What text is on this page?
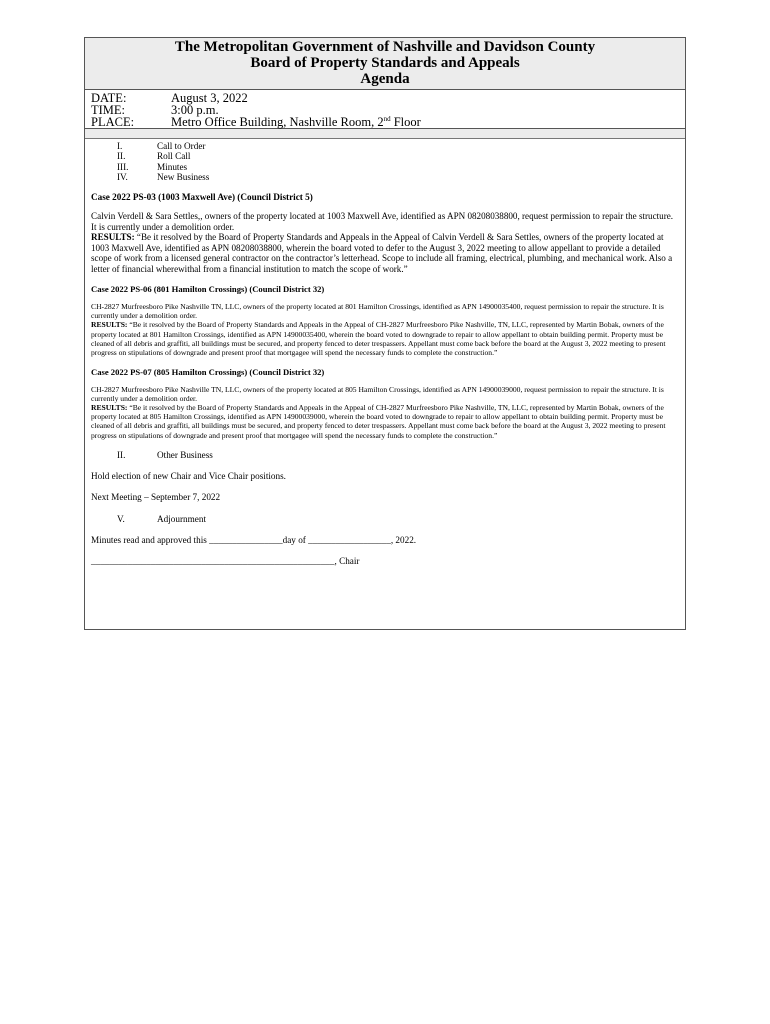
The Metropolitan Government of Nashville and Davidson County
Board of Property Standards and Appeals
Agenda
DATE:	August 3, 2022
TIME:	3:00 p.m.
PLACE:	Metro Office Building, Nashville Room, 2nd Floor
I.	Call to Order
II.	Roll Call
III.	Minutes
IV.	New Business
Case 2022 PS-03 (1003 Maxwell Ave) (Council District 5)
Calvin Verdell & Sara Settles,, owners of the property located at 1003 Maxwell Ave, identified as APN 08208038800, request permission to repair the structure. It is currently under a demolition order.
RESULTS: “Be it resolved by the Board of Property Standards and Appeals in the Appeal of Calvin Verdell & Sara Settles, owners of the property located at 1003 Maxwell Ave, identified as APN 08208038800, wherein the board voted to defer to the August 3, 2022 meeting to allow appellant to provide a detailed scope of work from a licensed general contractor on the contractor’s letterhead. Scope to include all framing, electrical, plumbing, and mechanical work. Also a letter of financial wherewithal from a financial institution to match the scope of work.”
Case 2022 PS-06 (801 Hamilton Crossings) (Council District 32)
CH-2827 Murfreesboro Pike Nashville TN, LLC, owners of the property located at 801 Hamilton Crossings, identified as APN 14900035400, request permission to repair the structure. It is currently under a demolition order.
RESULTS: “Be it resolved by the Board of Property Standards and Appeals in the Appeal of CH-2827 Murfreesboro Pike Nashville, TN, LLC, represented by Martin Bobak, owners of the property located at 801 Hamilton Crossings, identified as APN 14900035400, wherein the board voted to downgrade to repair to allow appellant to obtain building permit. Property must be cleaned of all debris and graffiti, all buildings must be secured, and property fenced to deter trespassers. Appellant must come back before the board at the August 3, 2022 meeting to present progress on stipulations of downgrade and present proof that mortgagee will spend the necessary funds to complete the construction.”
Case 2022 PS-07 (805 Hamilton Crossings) (Council District 32)
CH-2827 Murfreesboro Pike Nashville TN, LLC, owners of the property located at 805 Hamilton Crossings, identified as APN 14900039000, request permission to repair the structure. It is currently under a demolition order.
RESULTS: “Be it resolved by the Board of Property Standards and Appeals in the Appeal of CH-2827 Murfreesboro Pike Nashville, TN, LLC, represented by Martin Bobak, owners of the property located at 805 Hamilton Crossings, identified as APN 14900039000, wherein the board voted to downgrade to repair to allow appellant to obtain building permit. Property must be cleaned of all debris and graffiti, all buildings must be secured, and property fenced to deter trespassers. Appellant must come back before the board at the August 3, 2022 meeting to present progress on stipulations of downgrade and present proof that mortgagee will spend the necessary funds to complete the construction.”
II.	Other Business
Hold election of new Chair and Vice Chair positions.
Next Meeting – September 7, 2022
V.	Adjournment
Minutes read and approved this ________________day of __________________, 2022.
_____________________________________________________, Chair
